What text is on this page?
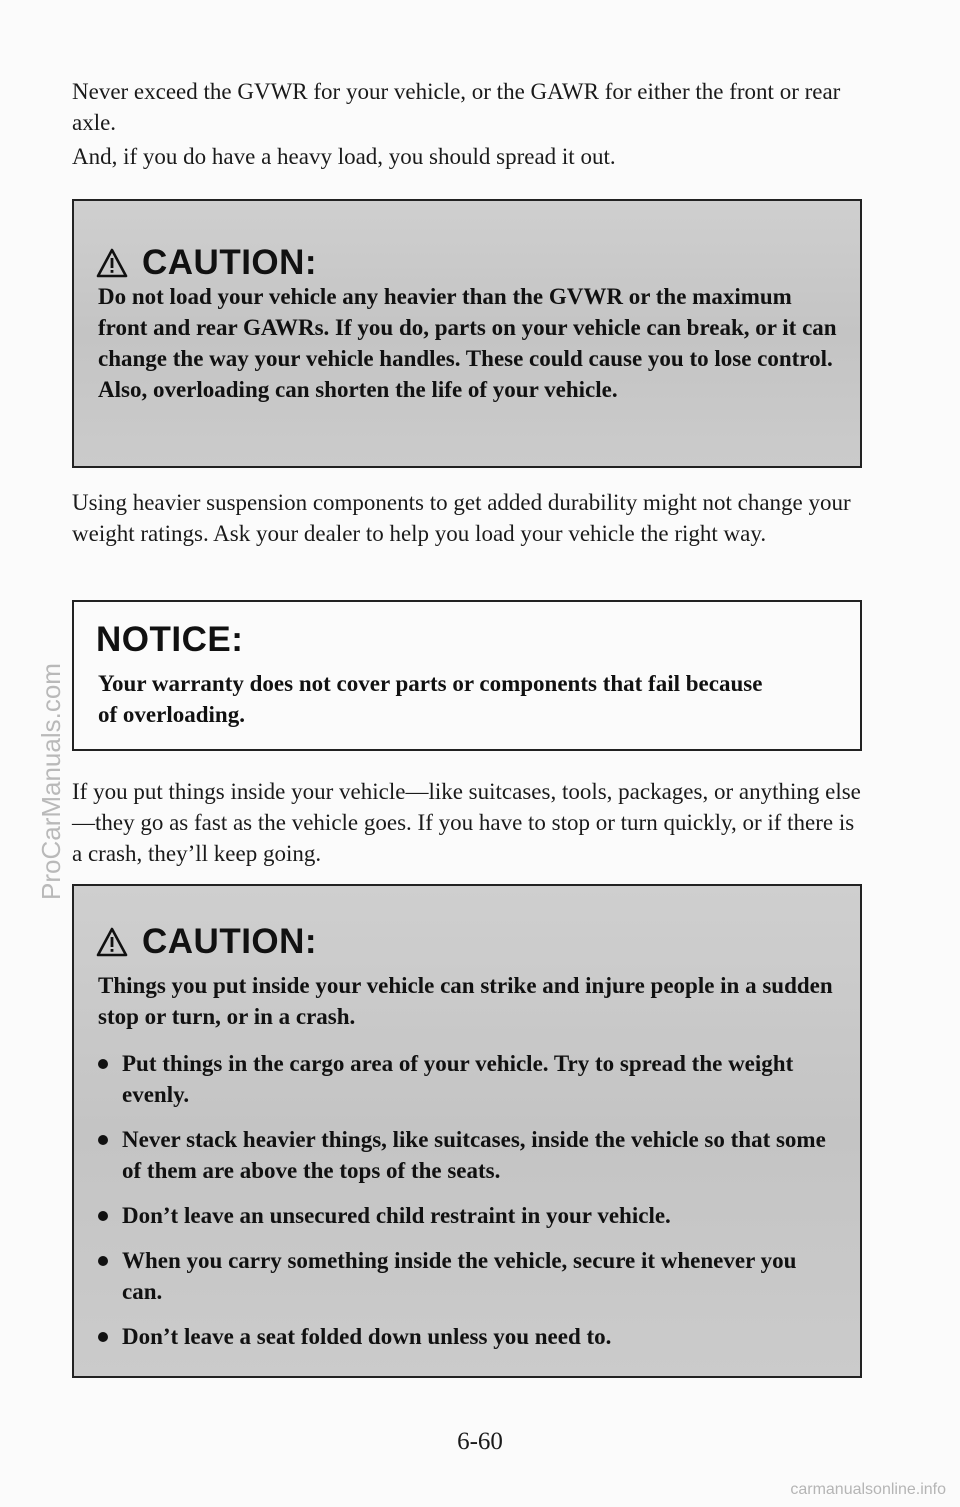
Never exceed the GVWR for your vehicle, or the GAWR for either the front or rear axle.

And, if you do have a heavy load, you should spread it out.

CAUTION:

Do not load your vehicle any heavier than the GVWR or the maximum front and rear GAWRs. If you do, parts on your vehicle can break, or it can change the way your vehicle handles. These could cause you to lose control. Also, overloading can shorten the life of your vehicle.

Using heavier suspension components to get added durability might not change your weight ratings. Ask your dealer to help you load your vehicle the right way.

NOTICE:

Your warranty does not cover parts or components that fail because of overloading.

If you put things inside your vehicle—like suitcases, tools, packages, or anything else—they go as fast as the vehicle goes. If you have to stop or turn quickly, or if there is a crash, they’ll keep going.

CAUTION:

Things you put inside your vehicle can strike and injure people in a sudden stop or turn, or in a crash.

Put things in the cargo area of your vehicle. Try to spread the weight evenly.
Never stack heavier things, like suitcases, inside the vehicle so that some of them are above the tops of the seats.
Don’t leave an unsecured child restraint in your vehicle.
When you carry something inside the vehicle, secure it whenever you can.
Don’t leave a seat folded down unless you need to.
6-60
ProCarManuals.com
carmanualsonline.info
